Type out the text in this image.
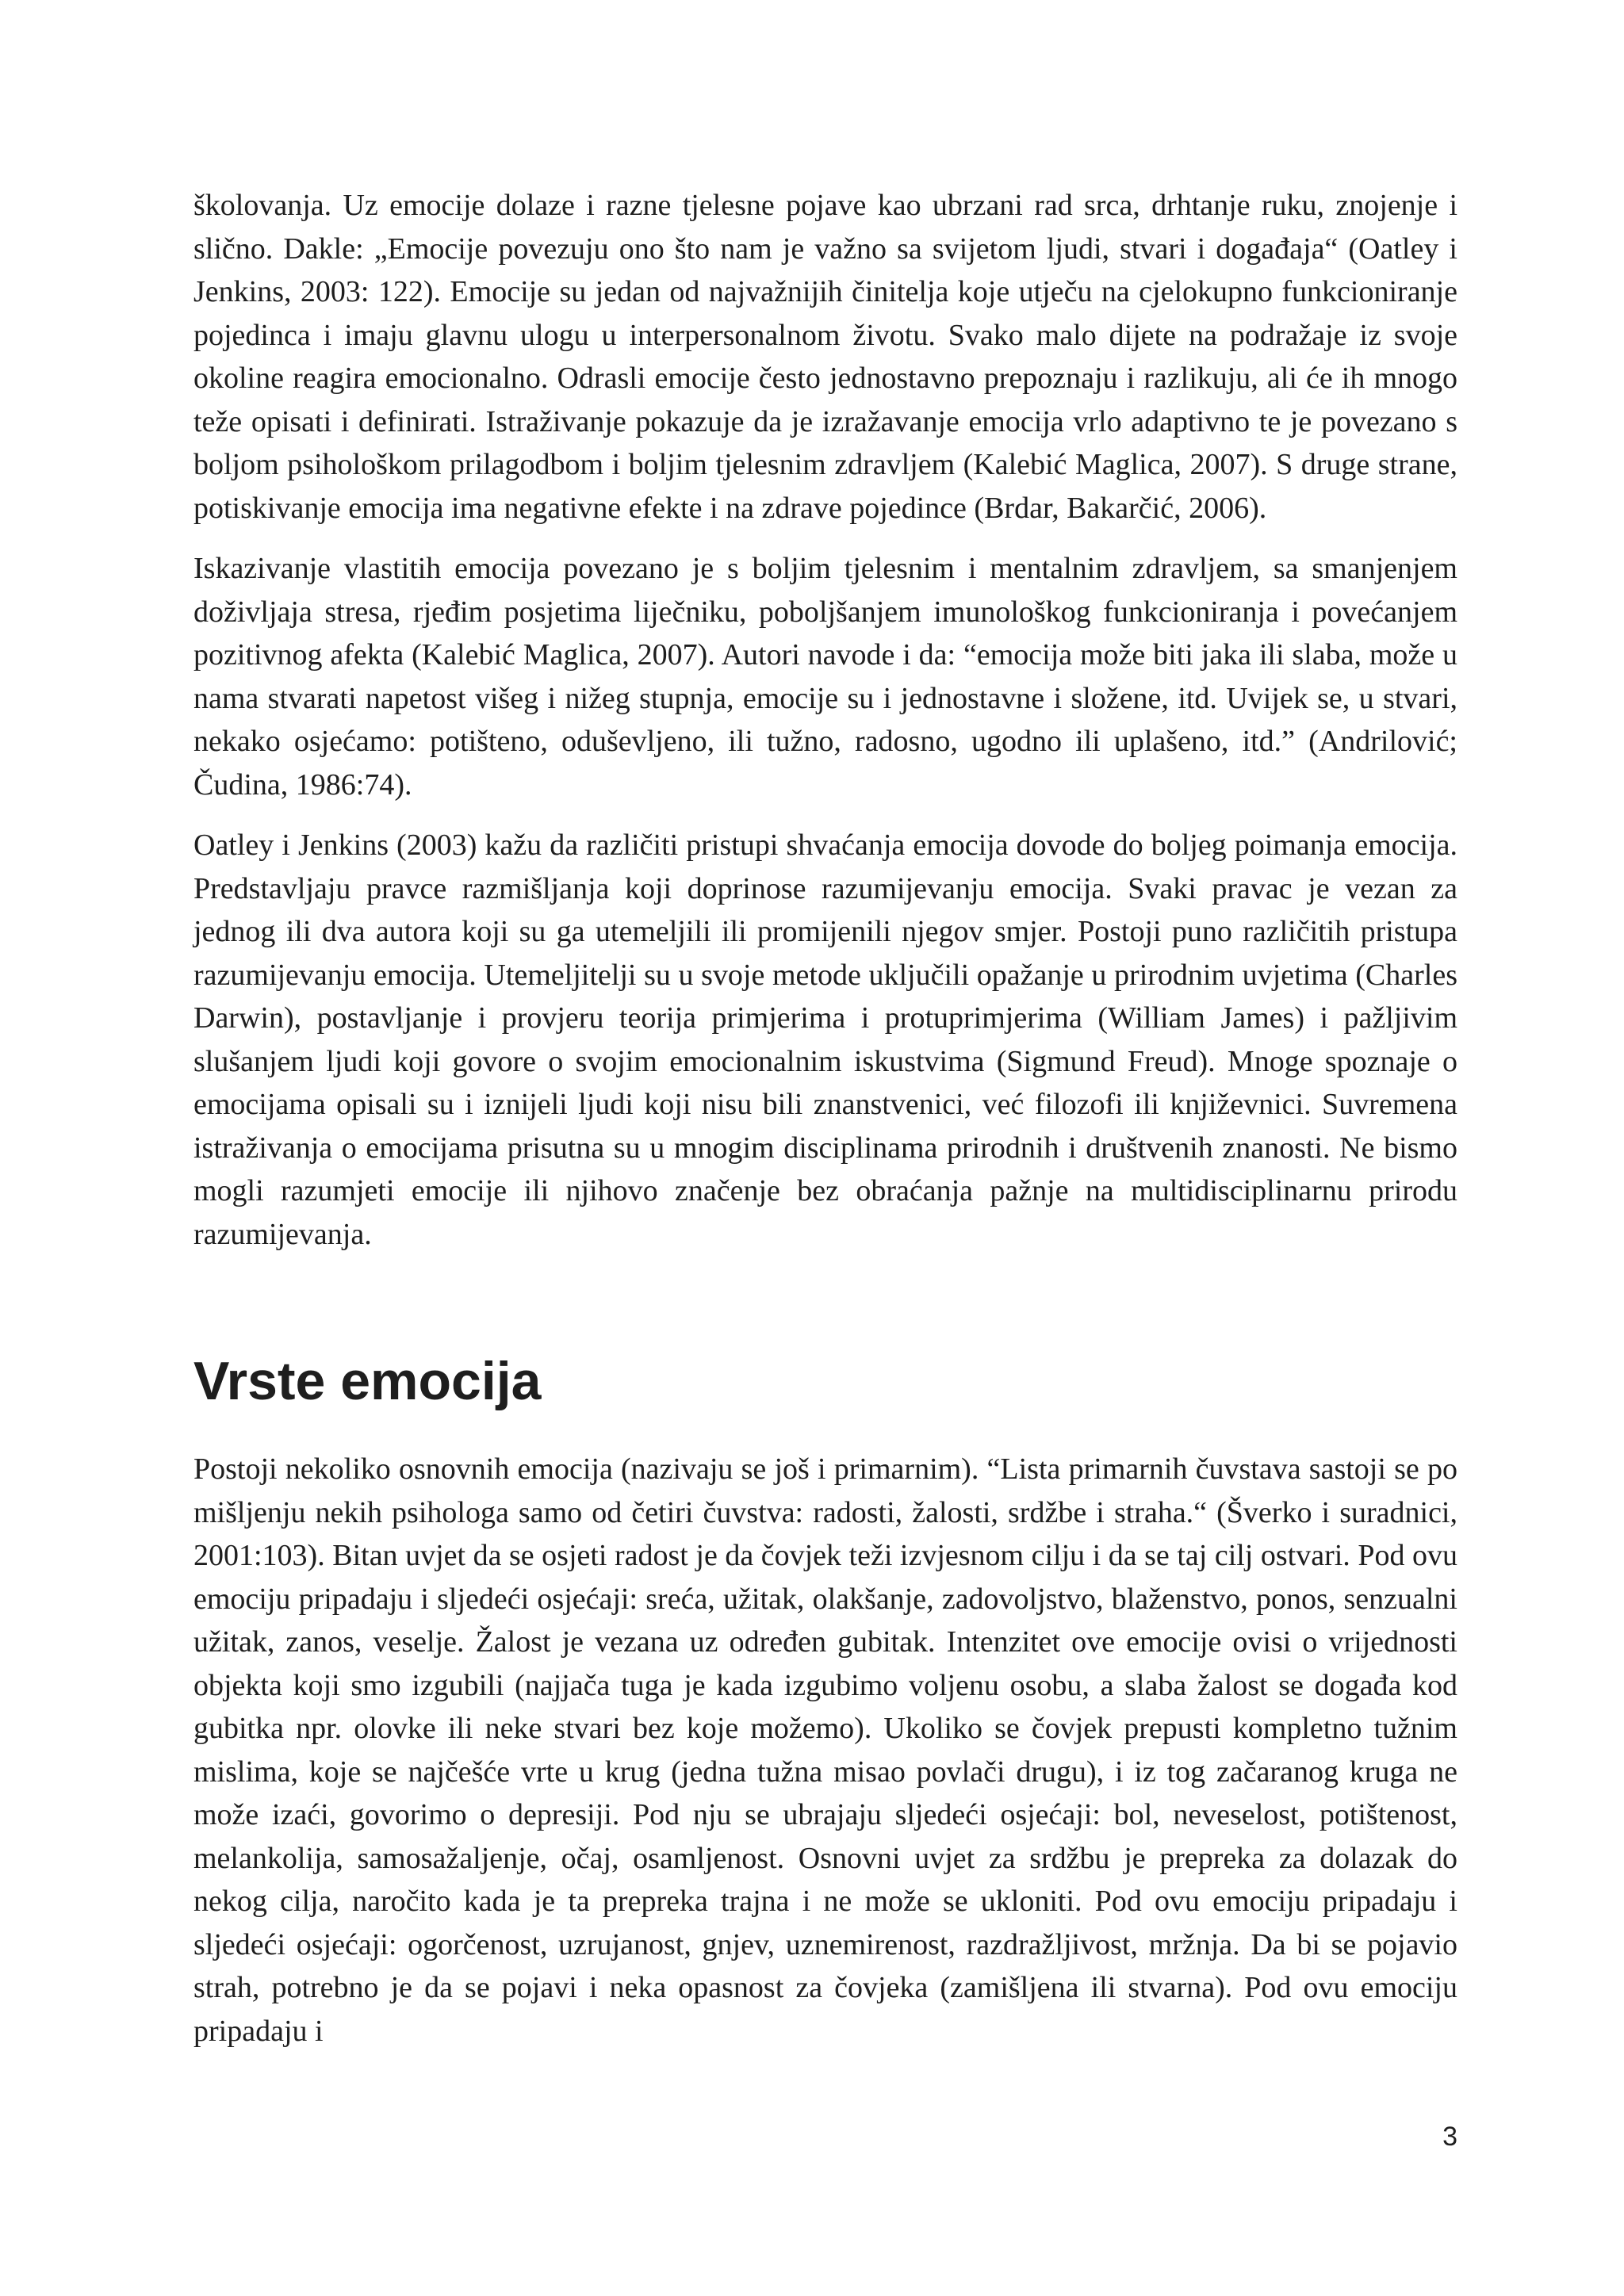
školovanja. Uz emocije dolaze i razne tjelesne pojave kao ubrzani rad srca, drhtanje ruku, znojenje i slično. Dakle: „Emocije povezuju ono što nam je važno sa svijetom ljudi, stvari i događaja“ (Oatley i Jenkins, 2003: 122). Emocije su jedan od najvažnijih činitelja koje utječu na cjelokupno funkcioniranje pojedinca i imaju glavnu ulogu u interpersonalnom životu. Svako malo dijete na podražaje iz svoje okoline reagira emocionalno. Odrasli emocije često jednostavno prepoznaju i razlikuju, ali će ih mnogo teže opisati i definirati. Istraživanje pokazuje da je izražavanje emocija vrlo adaptivno te je povezano s boljom psihološkom prilagodbom i boljim tjelesnim zdravljem (Kalebić Maglica, 2007). S druge strane, potiskivanje emocija ima negativne efekte i na zdrave pojedince (Brdar, Bakarčić, 2006).

Iskazivanje vlastitih emocija povezano je s boljim tjelesnim i mentalnim zdravljem, sa smanjenjem doživljaja stresa, rjeđim posjetima liječniku, poboljšanjem imunološkog funkcioniranja i povećanjem pozitivnog afekta (Kalebić Maglica, 2007). Autori navode i da: “emocija može biti jaka ili slaba, može u nama stvarati napetost višeg i nižeg stupnja, emocije su i jednostavne i složene, itd. Uvijek se, u stvari, nekako osjećamo: potišteno, oduševljeno, ili tužno, radosno, ugodno ili uplašeno, itd.” (Andrilović; Čudina, 1986:74).

Oatley i Jenkins (2003) kažu da različiti pristupi shvaćanja emocija dovode do boljeg poimanja emocija. Predstavljaju pravce razmišljanja koji doprinose razumijevanju emocija. Svaki pravac je vezan za jednog ili dva autora koji su ga utemeljili ili promijenili njegov smjer. Postoji puno različitih pristupa razumijevanju emocija. Utemeljitelji su u svoje metode uključili opažanje u prirodnim uvjetima (Charles Darwin), postavljanje i provjeru teorija primjerima i protuprimjerima (William James) i pažljivim slušanjem ljudi koji govore o svojim emocionalnim iskustvima (Sigmund Freud). Mnoge spoznaje o emocijama opisali su i iznijeli ljudi koji nisu bili znanstvenici, već filozofi ili književnici. Suvremena istraživanja o emocijama prisutna su u mnogim disciplinama prirodnih i društvenih znanosti. Ne bismo mogli razumjeti emocije ili njihovo značenje bez obraćanja pažnje na multidisciplinarnu prirodu razumijevanja.

Vrste emocija

Postoji nekoliko osnovnih emocija (nazivaju se još i primarnim). “Lista primarnih čuvstava sastoji se po mišljenju nekih psihologa samo od četiri čuvstva: radosti, žalosti, srdžbe i straha.“ (Šverko i suradnici, 2001:103). Bitan uvjet da se osjeti radost je da čovjek teži izvjesnom cilju i da se taj cilj ostvari. Pod ovu emociju pripadaju i sljedeći osjećaji: sreća, užitak, olakšanje, zadovoljstvo, blaženstvo, ponos, senzualni užitak, zanos, veselje. Žalost je vezana uz određen gubitak. Intenzitet ove emocije ovisi o vrijednosti objekta koji smo izgubili (najjača tuga je kada izgubimo voljenu osobu, a slaba žalost se događa kod gubitka npr. olovke ili neke stvari bez koje možemo). Ukoliko se čovjek prepusti kompletno tužnim mislima, koje se najčešće vrte u krug (jedna tužna misao povlači drugu), i iz tog začaranog kruga ne može izaći, govorimo o depresiji. Pod nju se ubrajaju sljedeći osjećaji: bol, neveselost, potištenost, melankolija, samosažaljenje, očaj, osamljenost. Osnovni uvjet za srdžbu je prepreka za dolazak do nekog cilja, naročito kada je ta prepreka trajna i ne može se ukloniti. Pod ovu emociju pripadaju i sljedeći osjećaji: ogorčenost, uzrujanost, gnjev, uznemirenost, razdražljivost, mržnja. Da bi se pojavio strah, potrebno je da se pojavi i neka opasnost za čovjeka (zamišljena ili stvarna). Pod ovu emociju pripadaju i

3
